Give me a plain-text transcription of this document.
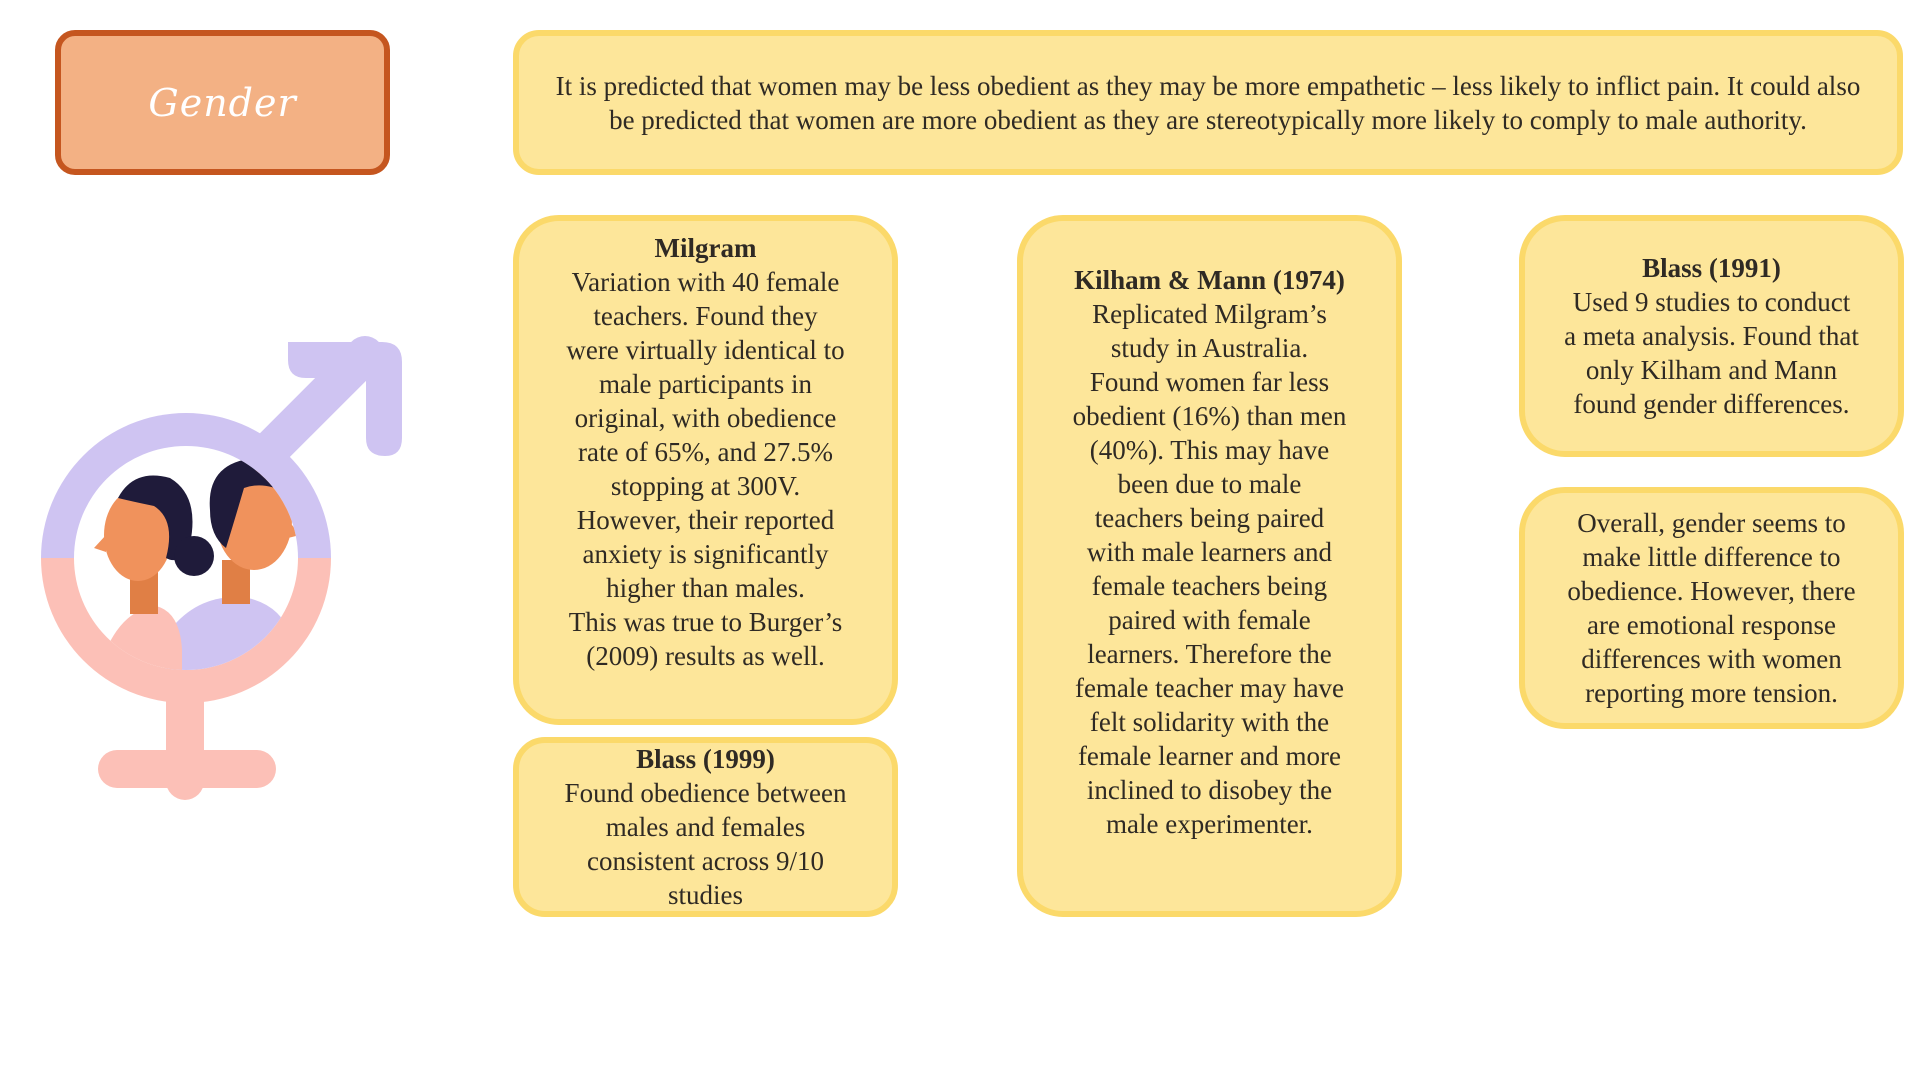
Gender	It is predicted that women may be less obedient as they may be more empathetic – less likely to inflict pain. It could also be predicted that women are more obedient as they are stereotypically more likely to comply to male authority.
Milgram
Variation with 40 female
teachers. Found they
were virtually identical to
male participants in
original, with obedience
rate of 65%, and 27.5%
stopping at 300V.
However, their reported
anxiety is significantly
higher than males.
This was true to Burger’s
(2009) results as well.
Blass (1999)
Found obedience between
males and females
consistent across 9/10
studies
Kilham & Mann (1974)
Replicated Milgram’s
study in Australia.
Found women far less
obedient (16%) than men
(40%). This may have
been due to male
teachers being paired
with male learners and
female teachers being
paired with female
learners. Therefore the
female teacher may have
felt solidarity with the
female learner and more
inclined to disobey the
male experimenter.
Blass (1991)
Used 9 studies to conduct
a meta analysis. Found that
only Kilham and Mann
found gender differences.
Overall, gender seems to
make little difference to
obedience. However, there
are emotional response
differences with women
reporting more tension.
